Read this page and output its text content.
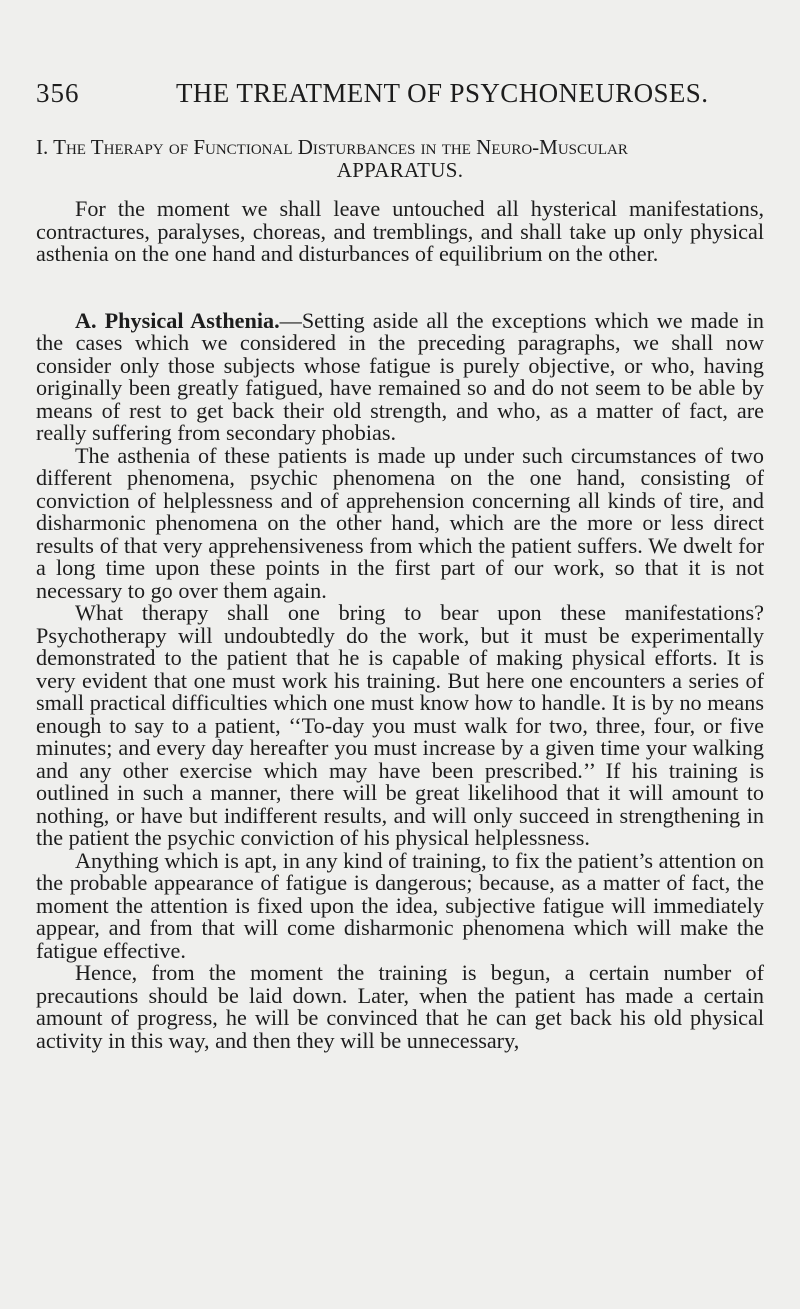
356	THE TREATMENT OF PSYCHONEUROSES.
I. The Therapy of Functional Disturbances in the Neuro-Muscular
APPARATUS.

For the moment we shall leave untouched all hysterical manifestations, contractures, paralyses, choreas, and tremblings, and shall take up only physical asthenia on the one hand and disturbances of equilibrium on the other.

A. Physical Asthenia.—Setting aside all the exceptions which we made in the cases which we considered in the preceding paragraphs, we shall now consider only those subjects whose fatigue is purely objective, or who, having originally been greatly fatigued, have remained so and do not seem to be able by means of rest to get back their old strength, and who, as a matter of fact, are really suffering from secondary phobias.

The asthenia of these patients is made up under such circumstances of two different phenomena, psychic phenomena on the one hand, consisting of conviction of helplessness and of apprehension concerning all kinds of tire, and disharmonic phenomena on the other hand, which are the more or less direct results of that very apprehensiveness from which the patient suffers. We dwelt for a long time upon these points in the first part of our work, so that it is not necessary to go over them again.

What therapy shall one bring to bear upon these manifestations? Psychotherapy will undoubtedly do the work, but it must be experimentally demonstrated to the patient that he is capable of making physical efforts. It is very evident that one must work his training. But here one encounters a series of small practical difficulties which one must know how to handle. It is by no means enough to say to a patient, ‘‘To-day you must walk for two, three, four, or five minutes; and every day hereafter you must increase by a given time your walking and any other exercise which may have been prescribed.’’ If his training is outlined in such a manner, there will be great likelihood that it will amount to nothing, or have but indifferent results, and will only succeed in strengthening in the patient the psychic conviction of his physical helplessness.

Anything which is apt, in any kind of training, to fix the patient’s attention on the probable appearance of fatigue is dangerous; because, as a matter of fact, the moment the attention is fixed upon the idea, subjective fatigue will immediately appear, and from that will come disharmonic phenomena which will make the fatigue effective.

Hence, from the moment the training is begun, a certain number of precautions should be laid down. Later, when the patient has made a certain amount of progress, he will be convinced that he can get back his old physical activity in this way, and then they will be unnecessary,
